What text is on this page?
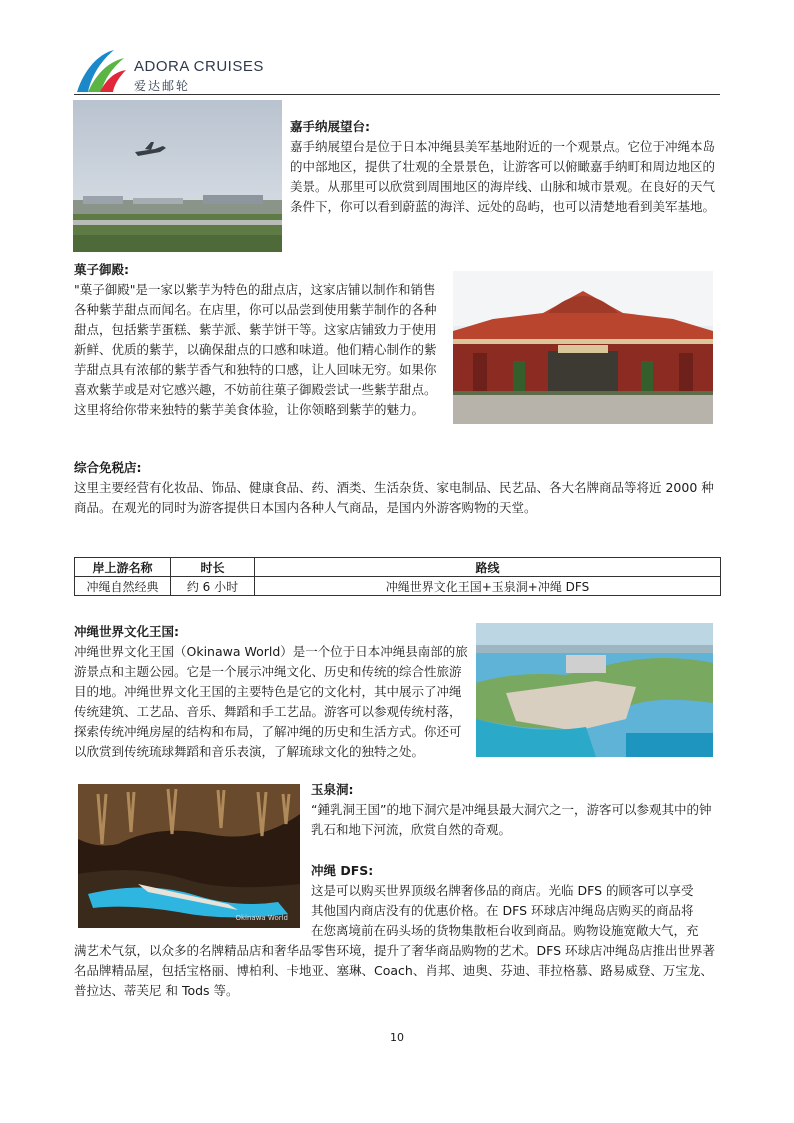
ADORA CRUISES
爱达邮轮

嘉手纳展望台:

嘉手纳展望台是位于日本冲绳县美军基地附近的一个观景点。它位于冲绳本岛的中部地区，提供了壮观的全景景色，让游客可以俯瞰嘉手纳町和周边地区的美景。从那里可以欣赏到周围地区的海岸线、山脉和城市景观。在良好的天气条件下，你可以看到蔚蓝的海洋、远处的岛屿，也可以清楚地看到美军基地。

菓子御殿:

"菓子御殿"是一家以紫芋为特色的甜点店，这家店铺以制作和销售各种紫芋甜点而闻名。在店里，你可以品尝到使用紫芋制作的各种甜点，包括紫芋蛋糕、紫芋派、紫芋饼干等。这家店铺致力于使用新鲜、优质的紫芋，以确保甜点的口感和味道。他们精心制作的紫芋甜点具有浓郁的紫芋香气和独特的口感，让人回味无穷。如果你喜欢紫芋或是对它感兴趣，不妨前往菓子御殿尝试一些紫芋甜点。这里将给你带来独特的紫芋美食体验，让你领略到紫芋的魅力。

综合免税店:

这里主要经营有化妆品、饰品、健康食品、药、酒类、生活杂货、家电制品、民艺品、各大名牌商品等将近 2000 种商品。在观光的同时为游客提供日本国内各种人气商品，是国内外游客购物的天堂。

岸上游名称	时长	路线
冲绳自然经典	约 6 小时	冲绳世界文化王国+玉泉洞+冲绳 DFS

冲绳世界文化王国:

冲绳世界文化王国（Okinawa World）是一个位于日本冲绳县南部的旅游景点和主题公园。它是一个展示冲绳文化、历史和传统的综合性旅游目的地。冲绳世界文化王国的主要特色是它的文化村，其中展示了冲绳传统建筑、工艺品、音乐、舞蹈和手工艺品。游客可以参观传统村落，探索传统冲绳房屋的结构和布局，了解冲绳的历史和生活方式。你还可以欣赏到传统琉球舞蹈和音乐表演，了解琉球文化的独特之处。

Okinawa World

玉泉洞:

“鍾乳洞王国”的地下洞穴是冲绳县最大洞穴之一，游客可以参观其中的钟乳石和地下河流，欣赏自然的奇观。

冲绳 DFS:

这是可以购买世界顶级名牌奢侈品的商店。光临 DFS 的顾客可以享受

其他国内商店没有的优惠价格。在 DFS 环球店冲绳岛店购买的商品将

在您离境前在码头场的货物集散柜台收到商品。购物设施宽敞大气，充

满艺术气氛，以众多的名牌精品店和奢华品零售环境，提升了奢华商品购物的艺术。DFS 环球店冲绳岛店推出世界著名品牌精品屋，包括宝格丽、博柏利、卡地亚、塞琳、Coach、肖邦、迪奥、芬迪、菲拉格慕、路易威登、万宝龙、普拉达、蒂芙尼 和 Tods 等。

10
